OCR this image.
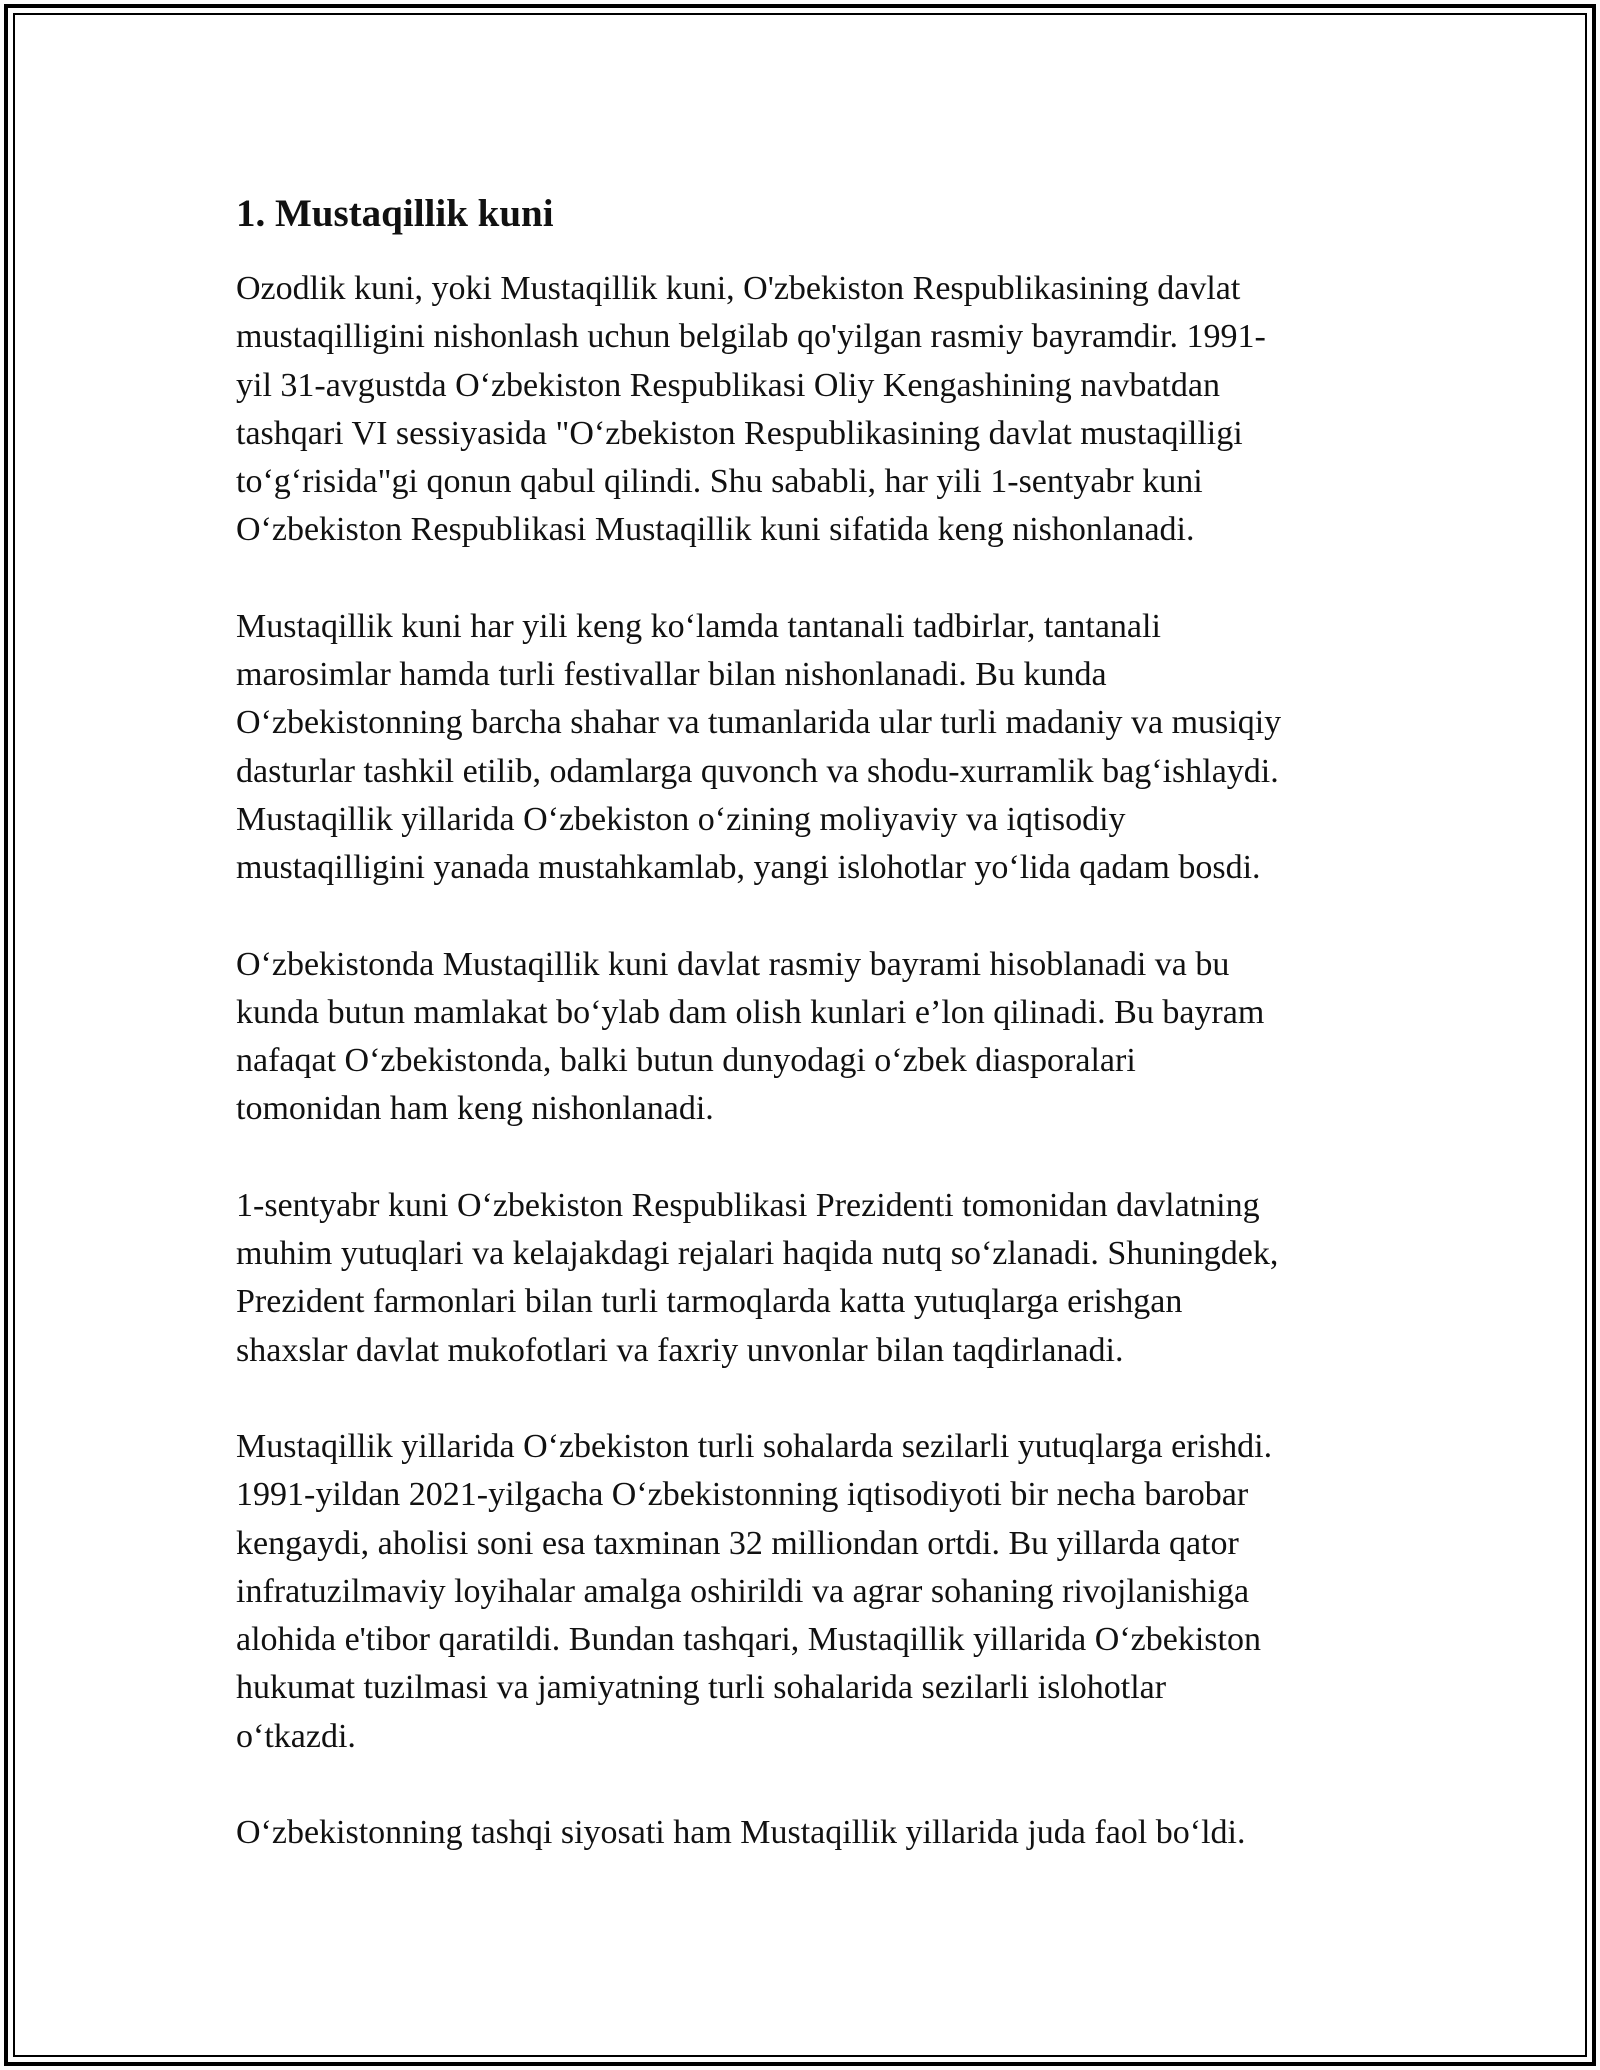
1. Mustaqillik kuni

Ozodlik kuni, yoki Mustaqillik kuni, O'zbekiston Respublikasining davlat
mustaqilligini nishonlash uchun belgilab qo'yilgan rasmiy bayramdir. 1991-
yil 31-avgustda O‘zbekiston Respublikasi Oliy Kengashining navbatdan
tashqari VI sessiyasida "O‘zbekiston Respublikasining davlat mustaqilligi
to‘g‘risida"gi qonun qabul qilindi. Shu sababli, har yili 1-sentyabr kuni
O‘zbekiston Respublikasi Mustaqillik kuni sifatida keng nishonlanadi.

Mustaqillik kuni har yili keng ko‘lamda tantanali tadbirlar, tantanali
marosimlar hamda turli festivallar bilan nishonlanadi. Bu kunda
O‘zbekistonning barcha shahar va tumanlarida ular turli madaniy va musiqiy
dasturlar tashkil etilib, odamlarga quvonch va shodu-xurramlik bag‘ishlaydi.
Mustaqillik yillarida O‘zbekiston o‘zining moliyaviy va iqtisodiy
mustaqilligini yanada mustahkamlab, yangi islohotlar yo‘lida qadam bosdi.

O‘zbekistonda Mustaqillik kuni davlat rasmiy bayrami hisoblanadi va bu
kunda butun mamlakat bo‘ylab dam olish kunlari e’lon qilinadi. Bu bayram
nafaqat O‘zbekistonda, balki butun dunyodagi o‘zbek diasporalari
tomonidan ham keng nishonlanadi.

1-sentyabr kuni O‘zbekiston Respublikasi Prezidenti tomonidan davlatning
muhim yutuqlari va kelajakdagi rejalari haqida nutq so‘zlanadi. Shuningdek,
Prezident farmonlari bilan turli tarmoqlarda katta yutuqlarga erishgan
shaxslar davlat mukofotlari va faxriy unvonlar bilan taqdirlanadi.

Mustaqillik yillarida O‘zbekiston turli sohalarda sezilarli yutuqlarga erishdi.
1991-yildan 2021-yilgacha O‘zbekistonning iqtisodiyoti bir necha barobar
kengaydi, aholisi soni esa taxminan 32 milliondan ortdi. Bu yillarda qator
infratuzilmaviy loyihalar amalga oshirildi va agrar sohaning rivojlanishiga
alohida e'tibor qaratildi. Bundan tashqari, Mustaqillik yillarida O‘zbekiston
hukumat tuzilmasi va jamiyatning turli sohalarida sezilarli islohotlar
o‘tkazdi.

O‘zbekistonning tashqi siyosati ham Mustaqillik yillarida juda faol bo‘ldi.
